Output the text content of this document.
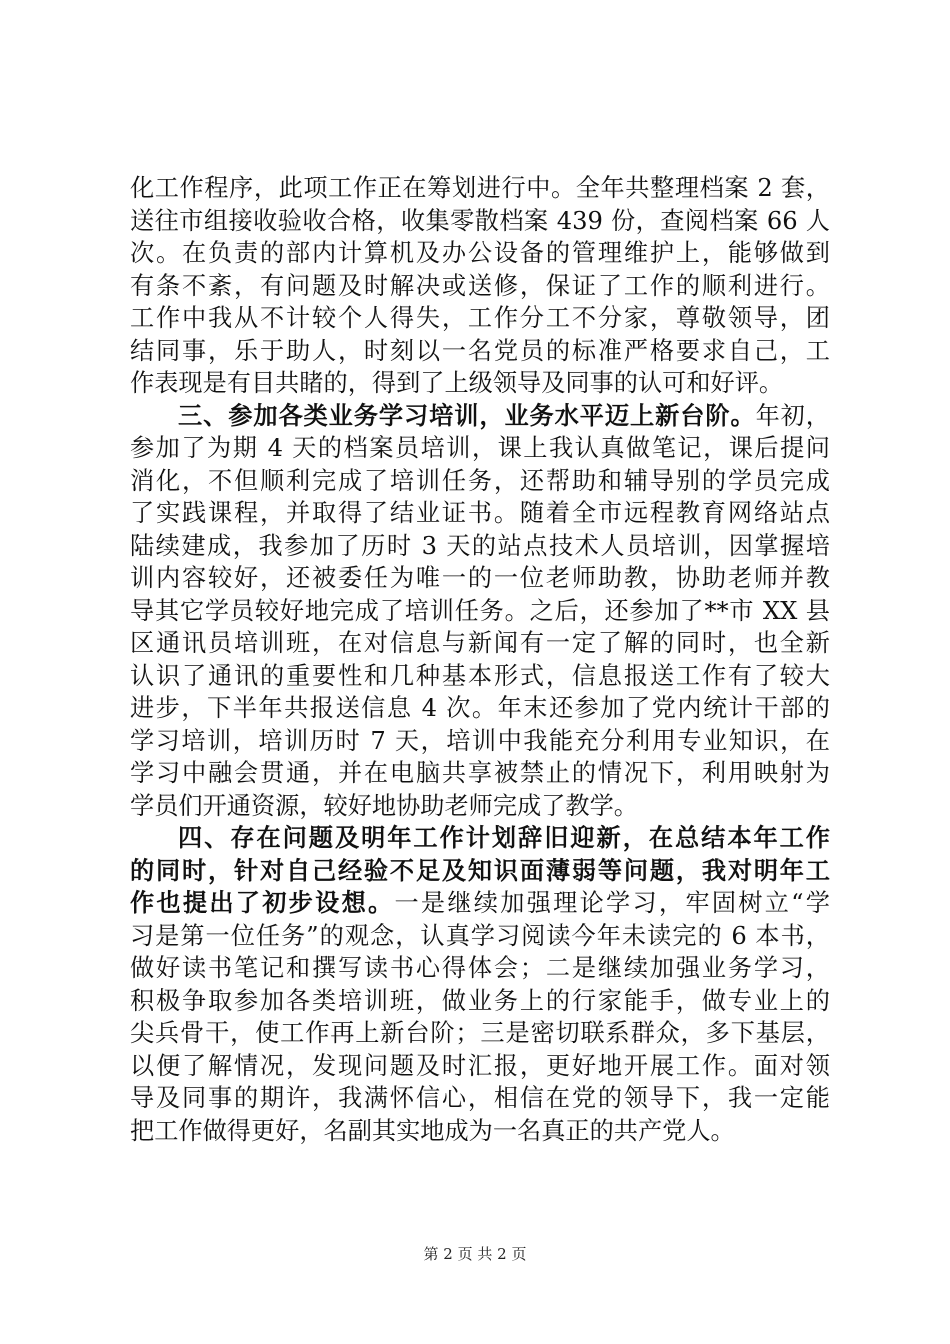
化工作程序，此项工作正在筹划进行中。全年共整理档案 2 套，
送往市组接收验收合格，收集零散档案 439 份，查阅档案 66 人
次。在负责的部内计算机及办公设备的管理维护上，能够做到
有条不紊，有问题及时解决或送修，保证了工作的顺利进行。
工作中我从不计较个人得失，工作分工不分家，尊敬领导，团
结同事，乐于助人，时刻以一名党员的标准严格要求自己，工
作表现是有目共睹的，得到了上级领导及同事的认可和好评。
三、参加各类业务学习培训，业务水平迈上新台阶。年初，
参加了为期 4 天的档案员培训，课上我认真做笔记，课后提问
消化，不但顺利完成了培训任务，还帮助和辅导别的学员完成
了实践课程，并取得了结业证书。随着全市远程教育网络站点
陆续建成，我参加了历时 3 天的站点技术人员培训，因掌握培
训内容较好，还被委任为唯一的一位老师助教，协助老师并教
导其它学员较好地完成了培训任务。之后，还参加了**市 XX 县
区通讯员培训班，在对信息与新闻有一定了解的同时，也全新
认识了通讯的重要性和几种基本形式，信息报送工作有了较大
进步，下半年共报送信息 4 次。年末还参加了党内统计干部的
学习培训，培训历时 7 天，培训中我能充分利用专业知识，在
学习中融会贯通，并在电脑共享被禁止的情况下，利用映射为
学员们开通资源，较好地协助老师完成了教学。
四、存在问题及明年工作计划辞旧迎新，在总结本年工作
的同时，针对自己经验不足及知识面薄弱等问题，我对明年工
作也提出了初步设想。一是继续加强理论学习，牢固树立“学
习是第一位任务”的观念，认真学习阅读今年未读完的 6 本书，
做好读书笔记和撰写读书心得体会；二是继续加强业务学习，
积极争取参加各类培训班，做业务上的行家能手，做专业上的
尖兵骨干，使工作再上新台阶；三是密切联系群众，多下基层，
以便了解情况，发现问题及时汇报，更好地开展工作。面对领
导及同事的期许，我满怀信心，相信在党的领导下，我一定能
把工作做得更好，名副其实地成为一名真正的共产党人。
第 2 页 共 2 页
